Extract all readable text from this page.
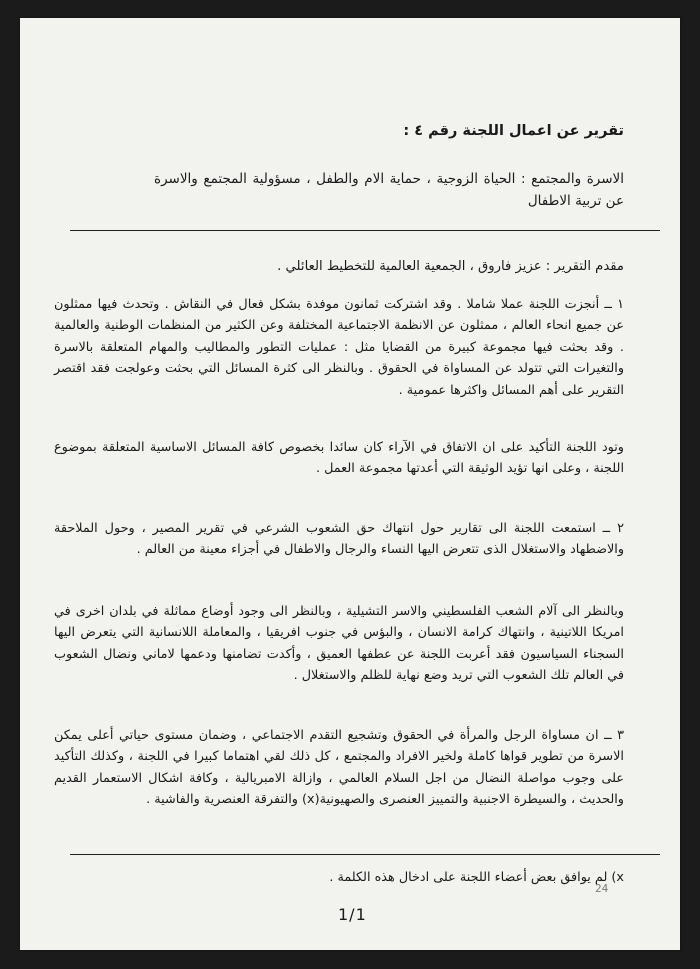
تقرير عن اعمال اللجنة رقم ٤ :
الاسرة والمجتمع : الحياة الزوجية ، حماية الام والطفل ، مسؤولية المجتمع والاسرة عن تربية الاطفال
مقدم التقرير : عزيز فاروق ، الجمعية العالمية للتخطيط العائلي .

١ ــ أنجزت اللجنة عملا شاملا . وقد اشتركت ثمانون موفدة بشكل فعال في النقاش . وتحدث فيها ممثلون عن جميع انحاء العالم ، ممثلون عن الانظمة الاجتماعية المختلفة وعن الكثير من المنظمات الوطنية والعالمية . وقد بحثت فيها مجموعة كبيرة من القضايا مثل : عمليات التطور والمطاليب والمهام المتعلقة بالاسرة والتغيرات التي تتولد عن المساواة في الحقوق . وبالنظر الى كثرة المسائل التي بحثت وعولجت فقد اقتصر التقرير على أهم المسائل واكثرها عمومية .

وتود اللجنة التأكيد على ان الاتفاق في الآراء كان سائدا بخصوص كافة المسائل الاساسية المتعلقة بموضوع اللجنة ، وعلى انها تؤيد الوثيقة التي أعدتها مجموعة العمل .

٢ ــ استمعت اللجنة الى تقارير حول انتهاك حق الشعوب الشرعي في تقرير المصير ، وحول الملاحقة والاضطهاد والاستغلال الذى تتعرض اليها النساء والرجال والاطفال في أجزاء معينة من العالم .

وبالنظر الى آلام الشعب الفلسطيني والاسر التشيلية ، وبالنظر الى وجود أوضاع مماثلة في بلدان اخرى في امريكا اللاتينية ، وانتهاك كرامة الانسان ، والبؤس في جنوب افريقيا ، والمعاملة اللانسانية التي يتعرض اليها السجناء السياسيون فقد أعربت اللجنة عن عطفها العميق ، وأكدت تضامنها ودعمها لاماني ونضال الشعوب في العالم تلك الشعوب التي تريد وضع نهاية للظلم والاستغلال .

٣ ــ ان مساواة الرجل والمرأة في الحقوق وتشجيع التقدم الاجتماعي ، وضمان مستوى حياتي أعلى يمكن الاسرة من تطوير قواها كاملة ولخير الافراد والمجتمع ، كل ذلك لقي اهتماما كبيرا في اللجنة ، وكذلك التأكيد على وجوب مواصلة النضال من اجل السلام العالمي ، وازالة الامبريالية ، وكافة اشكال الاستعمار القديم والحديث ، والسيطرة الاجنبية والتمييز العنصرى والصهيونية(x) والتفرقة العنصرية والفاشية .

x) لم يوافق بعض أعضاء اللجنة على ادخال هذه الكلمة .
24
1/1
